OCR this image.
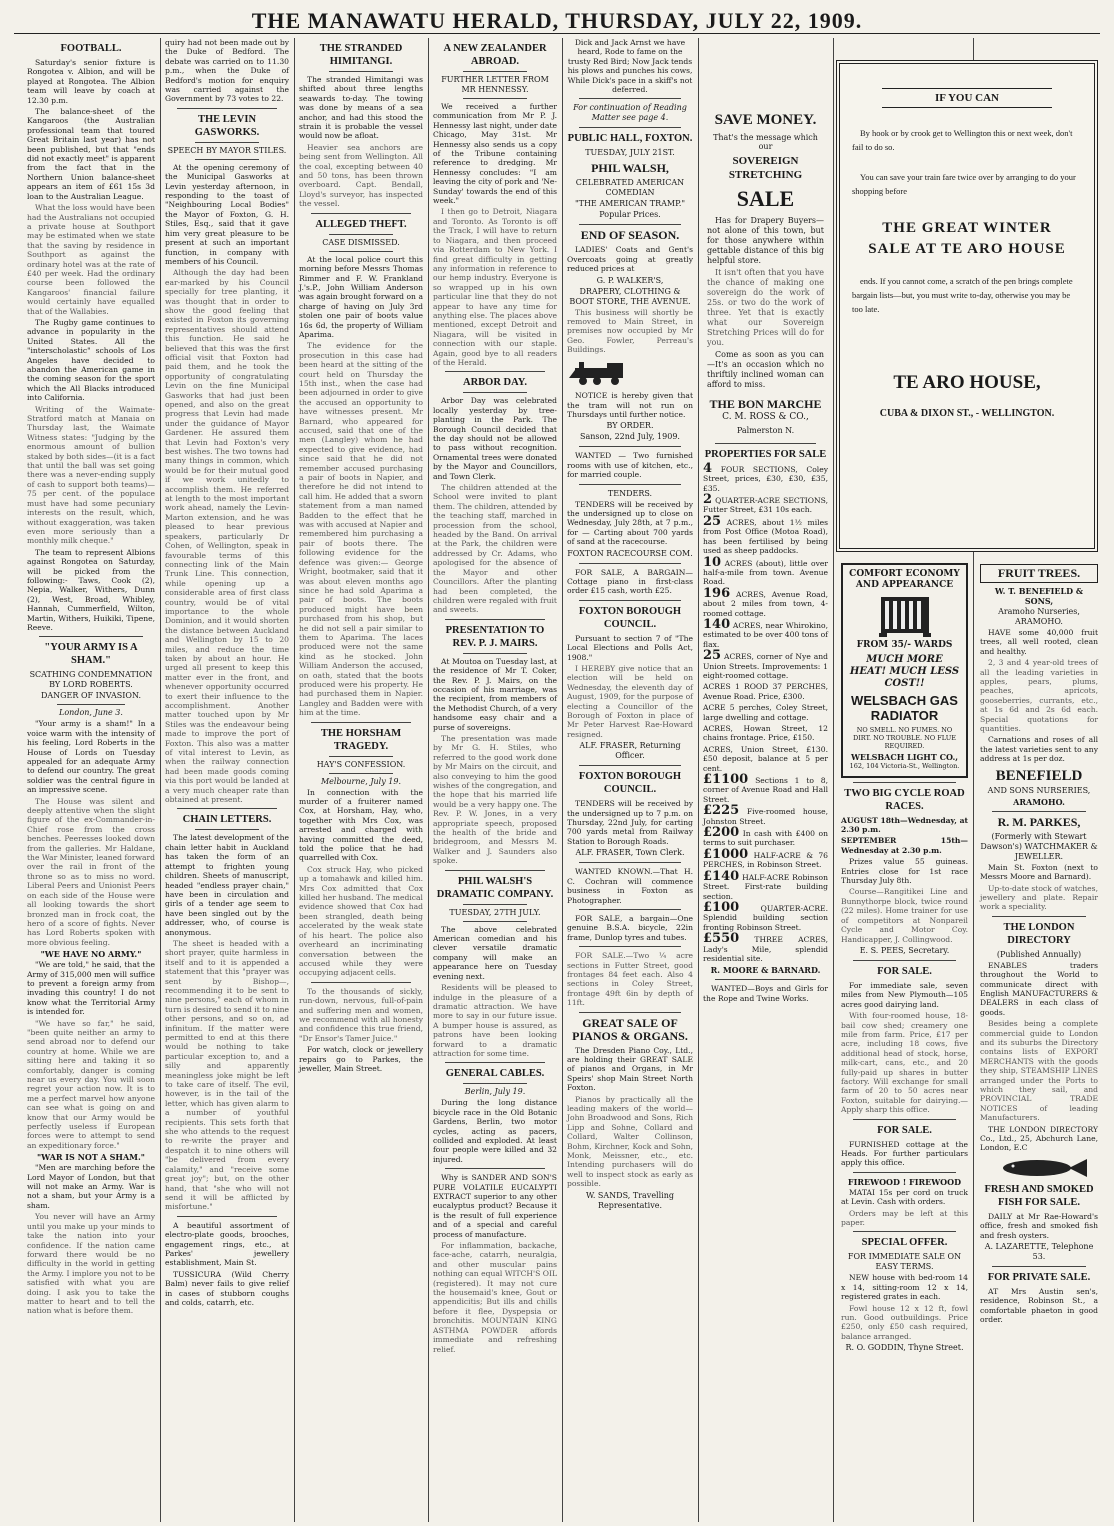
THE MANAWATU HERALD, THURSDAY, JULY 22, 1909.
FOOTBALL.

Saturday's senior fixture is Rongotea v. Albion, and will be played at Rongotea. The Albion team will leave by coach at 12.30 p.m.

The balance-sheet of the Kangaroos (the Australian professional team that toured Great Britain last year) has not been published, but that "ends did not exactly meet" is apparent from the fact that in the Northern Union balance-sheet appears an item of £61 15s 3d loan to the Australian League.

What the loss would have been had the Australians not occupied a private house at Southport may be estimated when we state that the saving by residence in Southport as against the ordinary hotel was at the rate of £40 per week. Had the ordinary course been followed the Kangaroos' financial failure would certainly have equalled that of the Wallabies.

The Rugby game continues to advance in popularity in the United States. All the "interscholastic" schools of Los Angeles have decided to abandon the American game in the coming season for the sport which the All Blacks introduced into California.

Writing of the Waimate-Stratford match at Manaia on Thursday last, the Waimate Witness states: "Judging by the enormous amount of bullion staked by both sides—(it is a fact that until the ball was set going there was a never-ending supply of cash to support both teams)—75 per cent. of the populace must have had some pecuniary interests on the result, which, without exaggeration, was taken even more seriously than a monthly milk cheque."

The team to represent Albions against Rongotea on Saturday, will be picked from the following:- Taws, Cook (2), Nepia, Walker, Withers, Dunn (2), West, Broad, Whibley, Hannah, Cummerfield, Wilton, Martin, Withers, Huikiki, Tipene, Reeve.

"YOUR ARMY IS A SHAM."
SCATHING CONDEMNATION BY LORD ROBERTS.
DANGER OF INVASION.
London, June 3.

"Your army is a sham!" In a voice warm with the intensity of his feeling, Lord Roberts in the House of Lords on Tuesday appealed for an adequate Army to defend our country. The great soldier was the central figure in an impressive scene.

The House was silent and deeply attentive when the slight figure of the ex-Commander-in-Chief rose from the cross benches. Peeresses looked down from the galleries. Mr Haldane, the War Minister, leaned forward over the rail in front of the throne so as to miss no word. Liberal Peers and Unionist Peers on each side of the House were all looking towards the short bronzed man in frock coat, the hero of a score of fights. Never has Lord Roberts spoken with more obvious feeling.

"WE HAVE NO ARMY."

"We are told," he said, that the Army of 315,000 men will suffice to prevent a foreign army from invading this country! I do not know what the Territorial Army is intended for.

"We have so far," he said, "been quite neither an army to send abroad nor to defend our country at home. While we are sitting here and taking it so comfortably, danger is coming near us every day. You will soon regret your action now. It is to me a perfect marvel how anyone can see what is going on and know that our Army would be perfectly useless if European forces were to attempt to send an expeditionary force."

"WAR IS NOT A SHAM."

"Men are marching before the Lord Mayor of London, but that will not make an Army. War is not a sham, but your Army is a sham.

You never will have an Army until you make up your minds to take the nation into your confidence. If the nation came forward there would be no difficulty in the world in getting the Army. I implore you not to be satisfied with what you are doing. I ask you to take the matter to heart and to tell the nation what is before them.

quiry had not been made out by the Duke of Bedford. The debate was carried on to 11.30 p.m., when the Duke of Bedford's motion for enquiry was carried against the Government by 73 votes to 22.

THE LEVIN GASWORKS.
SPEECH BY MAYOR STILES.

At the opening ceremony of the Municipal Gasworks at Levin yesterday afternoon, in responding to the toast of "Neighbouring Local Bodies" the Mayor of Foxton, G. H. Stiles, Esq., said that it gave him very great pleasure to be present at such an important function, in company with members of his Council.

Although the day had been ear-marked by his Council specially for tree planting, it was thought that in order to show the good feeling that existed in Foxton its governing representatives should attend this function. He said he believed that this was the first official visit that Foxton had paid them, and he took the opportunity of congratulating Levin on the fine Municipal Gasworks that had just been opened, and also on the great progress that Levin had made under the guidance of Mayor Gardener. He assured them that Levin had Foxton's very best wishes. The two towns had many things in common, which would be for their mutual good if we work unitedly to accomplish them. He referred at length to the most important work ahead, namely the Levin-Marton extension, and he was pleased to hear previous speakers, particularly Dr Cohen, of Wellington, speak in favourable terms of this connecting link of the Main Trunk Line. This connection, while opening up a considerable area of first class country, would be of vital importance to the whole Dominion, and it would shorten the distance between Auckland and Wellington by 15 to 20 miles, and reduce the time taken by about an hour. He urged all present to keep this matter ever in the front, and whenever opportunity occurred to exert their influence to the accomplishment. Another matter touched upon by Mr Stiles was the endeavour being made to improve the port of Foxton. This also was a matter of vital interest to Levin, as when the railway connection had been made goods coming via this port would be landed at a very much cheaper rate than obtained at present.

CHAIN LETTERS.

The latest development of the chain letter habit in Auckland has taken the form of an attempt to frighten young children. Sheets of manuscript, headed "endless prayer chain," have been in circulation and girls of a tender age seem to have been singled out by the addresser, who, of course is anonymous.

The sheet is headed with a short prayer, quite harmless in itself and to it is appended a statement that this "prayer was sent by Bishop—, recommending it to be sent to nine persons," each of whom in turn is desired to send it to nine other persons, and so on, ad infinitum. If the matter were permitted to end at this there would be nothing to take particular exception to, and a silly and apparently meaningless joke might be left to take care of itself. The evil, however, is in the tail of the letter, which has given alarm to a number of youthful recipients. This sets forth that she who attends to the request to re-write the prayer and despatch it to nine others will "be delivered from every calamity," and "receive some great joy"; but, on the other hand, that "she who will not send it will be afflicted by misfortune."

A beautiful assortment of electro-plate goods, brooches, engagement rings, etc., at Parkes' jewellery establishment, Main St.

TUSSICURA (Wild Cherry Balm) never fails to give relief in cases of stubborn coughs and colds, catarrh, etc.

THE STRANDED HIMITANGI.

The stranded Himitangi was shifted about three lengths seawards to-day. The towing was done by means of a sea anchor, and had this stood the strain it is probable the vessel would now be afloat.

Heavier sea anchors are being sent from Wellington. All the coal, excepting between 40 and 50 tons, has been thrown overboard. Capt. Bendall, Lloyd's surveyor, has inspected the vessel.

ALLEGED THEFT.
CASE DISMISSED.

At the local police court this morning before Messrs Thomas Rimmer and F. W. Frankland J.'s.P., John William Anderson was again brought forward on a charge of having on July 3rd stolen one pair of boots value 16s 6d, the property of William Aparima.

The evidence for the prosecution in this case had been heard at the sitting of the court held on Thursday the 15th inst., when the case had been adjourned in order to give the accused an opportunity to have witnesses present. Mr Barnard, who appeared for accused, said that one of the men (Langley) whom he had expected to give evidence, had since said that he did not remember accused purchasing a pair of boots in Napier, and therefore he did not intend to call him. He added that a sworn statement from a man named Badden to the effect that he was with accused at Napier and remembered him purchasing a pair of boots there. The following evidence for the defence was given:— George Wright, bootmaker, said that it was about eleven months ago since he had sold Aparima a pair of boots. The boots produced might have been purchased from his shop, but he did not sell a pair similar to them to Aparima. The laces produced were not the same kind as he stocked. John William Anderson the accused, on oath, stated that the boots produced were his property. He had purchased them in Napier. Langley and Badden were with him at the time.

THE HORSHAM TRAGEDY.
HAY'S CONFESSION.
Melbourne, July 19.

In connection with the murder of a fruiterer named Cox, at Horsham, Hay, who, together with Mrs Cox, was arrested and charged with having committed the deed, told the police that he had quarrelled with Cox.

Cox struck Hay, who picked up a tomahawk and killed him. Mrs Cox admitted that Cox killed her husband. The medical evidence showed that Cox had been strangled, death being accelerated by the weak state of his heart. The police also overheard an incriminating conversation between the accused while they were occupying adjacent cells.

To the thousands of sickly, run-down, nervous, full-of-pain and suffering men and women, we recommend with all honesty and confidence this true friend, "Dr Ensor's Tamer Juice."

For watch, clock or jewellery repairs go to Parkes, the jeweller, Main Street.

A NEW ZEALANDER ABROAD.
FURTHER LETTER FROM MR HENNESSY.

We received a further communication from Mr P. J. Hennessy last night, under date Chicago, May 31st. Mr Hennessy also sends us a copy of the Tribune containing reference to dredging. Mr Hennessy concludes: "I am leaving the city of pork and 'Ne-Sunday' towards the end of this week."

I then go to Detroit, Niagara and Toronto. As Toronto is off the Track, I will have to return to Niagara, and then proceed via Rotterdam to New York. I find great difficulty in getting any information in reference to our hemp industry. Everyone is so wrapped up in his own particular line that they do not appear to have any time for anything else. The places above mentioned, except Detroit and Niagara, will be visited in connection with our staple. Again, good bye to all readers of the Herald.

ARBOR DAY.

Arbor Day was celebrated locally yesterday by tree-planting in the Park. The Borough Council decided that the day should not be allowed to pass without recognition. Ornamental trees were donated by the Mayor and Councillors, and Town Clerk.

The children attended at the School were invited to plant them. The children, attended by the teaching staff, marched in procession from the school, headed by the Band. On arrival at the Park, the children were addressed by Cr. Adams, who apologised for the absence of the Mayor and other Councillors. After the planting had been completed, the children were regaled with fruit and sweets.

PRESENTATION TO REV. P. J. MAIRS.

At Moutoa on Tuesday last, at the residence of Mr T. Coker, the Rev. P. J. Mairs, on the occasion of his marriage, was the recipient, from members of the Methodist Church, of a very handsome easy chair and a purse of sovereigns.

The presentation was made by Mr G. H. Stiles, who referred to the good work done by Mr Mairs on the circuit, and also conveying to him the good wishes of the congregation, and the hope that his married life would be a very happy one. The Rev. P. W. Jones, in a very appropriate speech, proposed the health of the bride and bridegroom, and Messrs M. Walker and J. Saunders also spoke.

PHIL WALSH'S DRAMATIC COMPANY.
TUESDAY, 27TH JULY.

The above celebrated American comedian and his clever versatile dramatic company will make an appearance here on Tuesday evening next.

Residents will be pleased to indulge in the pleasure of a dramatic attraction. We have more to say in our future issue. A bumper house is assured, as patrons have been looking forward to a dramatic attraction for some time.

GENERAL CABLES.
Berlin, July 19.

During the long distance bicycle race in the Old Botanic Gardens, Berlin, two motor cycles, acting as pacers, collided and exploded. At least four people were killed and 32 injured.

Why is SANDER AND SON'S PURE VOLATILE EUCALYPTI EXTRACT superior to any other eucalyptus product? Because it is the result of full experience and of a special and careful process of manufacture.

For inflammation, backache, face-ache, catarrh, neuralgia, and other muscular pains nothing can equal WITCH'S OIL (registered). It may not cure the housemaid's knee, Gout or appendicitis; But ills and chills before it flee, Dyspepsia or bronchitis. MOUNTAIN KING ASTHMA POWDER affords immediate and refreshing relief.

Dick and Jack Arnst we have heard, Rode to fame on the trusty Red Bird; Now Jack tends his plows and punches his cows, While Dick's pace in a skiff's not deferred.

For continuation of Reading Matter see page 4.
PUBLIC HALL, FOXTON.
TUESDAY, JULY 21ST.
PHIL WALSH,
CELEBRATED AMERICAN COMEDIAN
"THE AMERICAN TRAMP."
Popular Prices.
END OF SEASON.

LADIES' Coats and Gent's Overcoats going at greatly reduced prices at

G. P. WALKER'S,
DRAPERY, CLOTHING & BOOT STORE, THE AVENUE.

This business will shortly be removed to Main Street, in premises now occupied by Mr Geo. Fowler, Perreau's Buildings.

NOTICE is hereby given that the tram will not run on Thursdays until further notice.

BY ORDER.
Sanson, 22nd July, 1909.

WANTED — Two furnished rooms with use of kitchen, etc., for married couple.

TENDERS.

TENDERS will be received by the undersigned up to close on Wednesday, July 28th, at 7 p.m., for — Carting about 700 yards of sand at the racecourse.

FOXTON RACECOURSE COM.

FOR SALE, A BARGAIN— Cottage piano in first-class order £15 cash, worth £25.

FOXTON BOROUGH COUNCIL.

Pursuant to section 7 of "The Local Elections and Polls Act, 1908."

I HEREBY give notice that an election will be held on Wednesday, the eleventh day of August, 1909, for the purpose of electing a Councillor of the Borough of Foxton in place of Mr Peter Harvest Rae-Howard resigned.

ALF. FRASER, Returning Officer.
FOXTON BOROUGH COUNCIL.

TENDERS will be received by the undersigned up to 7 p.m. on Thursday, 22nd July, for carting 700 yards metal from Railway Station to Borough Roads.

ALF. FRASER, Town Clerk.

WANTED KNOWN.—That H. C. Cochran will commence business in Foxton as Photographer.

FOR SALE, a bargain—One genuine B.S.A. bicycle, 22in frame, Dunlop tyres and tubes.

FOR SALE.—Two ¼ acre sections in Futter Street, good frontages 84 feet each. Also 4 sections in Coley Street, frontage 49ft 6in by depth of 11ft.

GREAT SALE OF PIANOS & ORGANS.

The Dresden Piano Coy., Ltd., are holding their GREAT SALE of pianos and Organs, in Mr Speirs' shop Main Street North Foxton.

Pianos by practically all the leading makers of the world—John Broadwood and Sons, Rich Lipp and Sohne, Collard and Collard, Walter Collinson, Bohm, Kirchner, Kock and Sohn, Monk, Meissner, etc., etc. Intending purchasers will do well to inspect stock as early as possible.

W. SANDS, Travelling Representative.
SAVE MONEY.
That's the message which our
SOVEREIGN
STRETCHING
SALE

Has for Drapery Buyers—not alone of this town, but for those anywhere within gettable distance of this big helpful store.

It isn't often that you have the chance of making one sovereign do the work of 25s. or two do the work of three. Yet that is exactly what our Sovereign Stretching Prices will do for you.

Come as soon as you can—It's an occasion which no thriftily inclined woman can afford to miss.

THE BON MARCHE
C. M. ROSS & CO.,
Palmerston N.
PROPERTIES FOR SALE
4 FOUR SECTIONS, Coley Street, prices, £30, £30, £35, £35.
2 QUARTER-ACRE SECTIONS, Futter Street, £31 10s each.
25 ACRES, about 1½ miles from Post Office (Motoa Road), has been fertilised by being used as sheep paddocks.
10 ACRES (about), little over half-a-mile from town. Avenue Road.
196 ACRES, Avenue Road, about 2 miles from town, 4-roomed cottage.
140 ACRES, near Whirokino, estimated to be over 400 tons of flax.
25 ACRES, corner of Nye and Union Streets. Improvements: 1 eight-roomed cottage.
ACRES 1 ROOD 37 PERCHES, Avenue Road. Price, £300.
ACRE 5 perches, Coley Street, large dwelling and cottage.
ACRES, Howan Street, 12 chains frontage. Price, £150.
ACRES, Union Street, £130. £50 deposit, balance at 5 per cent.
£1100 Sections 1 to 8, corner of Avenue Road and Hall Street.
£225 Five-roomed house, Johnston Street.
£200 In cash with £400 on terms to suit purchaser.
£1000 HALF-ACRE & 76 PERCHES, in Robinson Street.
£140 HALF-ACRE Robinson Street. First-rate building section.
£100	QUARTER-ACRE. Splendid building section fronting Robinson Street.
£550 THREE ACRES, Lady's Mile, splendid residential site.
R. MOORE & BARNARD.

WANTED—Boys and Girls for the Rope and Twine Works.

IF YOU CAN

By hook or by crook get to Wellington this or next week, don't fail to do so.

You can save your train fare twice over by arranging to do your shopping before

THE GREAT WINTER
SALE AT TE ARO HOUSE

ends. If you cannot come, a scratch of the pen brings complete bargain lists—but, you must write to-day, otherwise you may be too late.

TE ARO HOUSE,
CUBA & DIXON ST., - WELLINGTON.
COMFORT ECONOMY AND APPEARANCE
FROM 35/- WARDS
MUCH MORE HEAT! MUCH LESS COST!!
WELSBACH GAS RADIATOR
NO SMELL. NO FUMES. NO DIRT. NO TROUBLE. NO FLUE REQUIRED.
WELSBACH LIGHT CO.,
162, 104 Victoria-St., Wellington.
TWO BIG CYCLE ROAD RACES.

AUGUST 18th—Wednesday, at 2.30 p.m.

SEPTEMBER 15th—Wednesday at 2.30 p.m.

Prizes value 55 guineas. Entries close for 1st race Thursday July 8th.

Course—Rangitikei Line and Bunnythorpe block, twice round (22 miles). Home trainer for use of competitors at Nonpareil Cycle and Motor Coy. Handicapper, J. Collingwood.

E. S. PEES, Secretary.
FOR SALE.

For immediate sale, seven miles from New Plymouth—105 acres good dairying land.

With four-roomed house, 18-bail cow shed; creamery one mile from farm. Price, £17 per acre, including 18 cows, five additional head of stock, horse, milk-cart, cans, etc., and 20 fully-paid up shares in butter factory. Will exchange for small farm of 20 to 50 acres near Foxton, suitable for dairying.—Apply sharp this office.

FOR SALE.

FURNISHED cottage at the Heads. For further particulars apply this office.

FIREWOOD ! FIREWOOD

MATAI 15s per cord on truck at Levin. Cash with orders.

Orders may be left at this paper.

SPECIAL OFFER.
FOR IMMEDIATE SALE ON EASY TERMS.

NEW house with bed-room 14 x 14, sitting-room 12 x 14, registered grates in each.

Fowl house 12 x 12 ft, fowl run. Good outbuildings. Price £250, only £50 cash required, balance arranged.

R. O. GODDIN, Thyne Street.
FRUIT TREES.
W. T. BENEFIELD & SONS,
Aramoho Nurseries, ARAMOHO.

HAVE some 40,000 fruit trees, all well rooted, clean and healthy.

2, 3 and 4 year-old trees of all the leading varieties in apples, pears, plums, peaches, apricots, gooseberries, currants, etc., at 1s 6d and 2s 6d each. Special quotations for quantities.

Carnations and roses of all the latest varieties sent to any address at 1s per doz.

BENEFIELD
AND SONS NURSERIES,
ARAMOHO.
R. M. PARKES,
(Formerly with Stewart Dawson's) WATCHMAKER & JEWELLER.

Main St. Foxton (next to Messrs Moore and Barnard).

Up-to-date stock of watches, jewellery and plate. Repair work a speciality.

THE LONDON DIRECTORY
(Published Annually)

ENABLES traders throughout the World to communicate direct with English MANUFACTURERS & DEALERS in each class of goods.

Besides being a complete commercial guide to London and its suburbs the Directory contains lists of EXPORT MERCHANTS with the goods they ship, STEAMSHIP LINES arranged under the Ports to which they sail, and PROVINCIAL TRADE NOTICES of leading Manufacturers.

THE LONDON DIRECTORY Co., Ltd., 25, Abchurch Lane, London, E.C

FRESH AND SMOKED FISH FOR SALE.

DAILY at Mr Rae-Howard's office, fresh and smoked fish and fresh oysters.

A. LAZARETTE, Telephone 53.
FOR PRIVATE SALE.

AT Mrs Austin sen's, residence, Robinson St., a comfortable phaeton in good order.
